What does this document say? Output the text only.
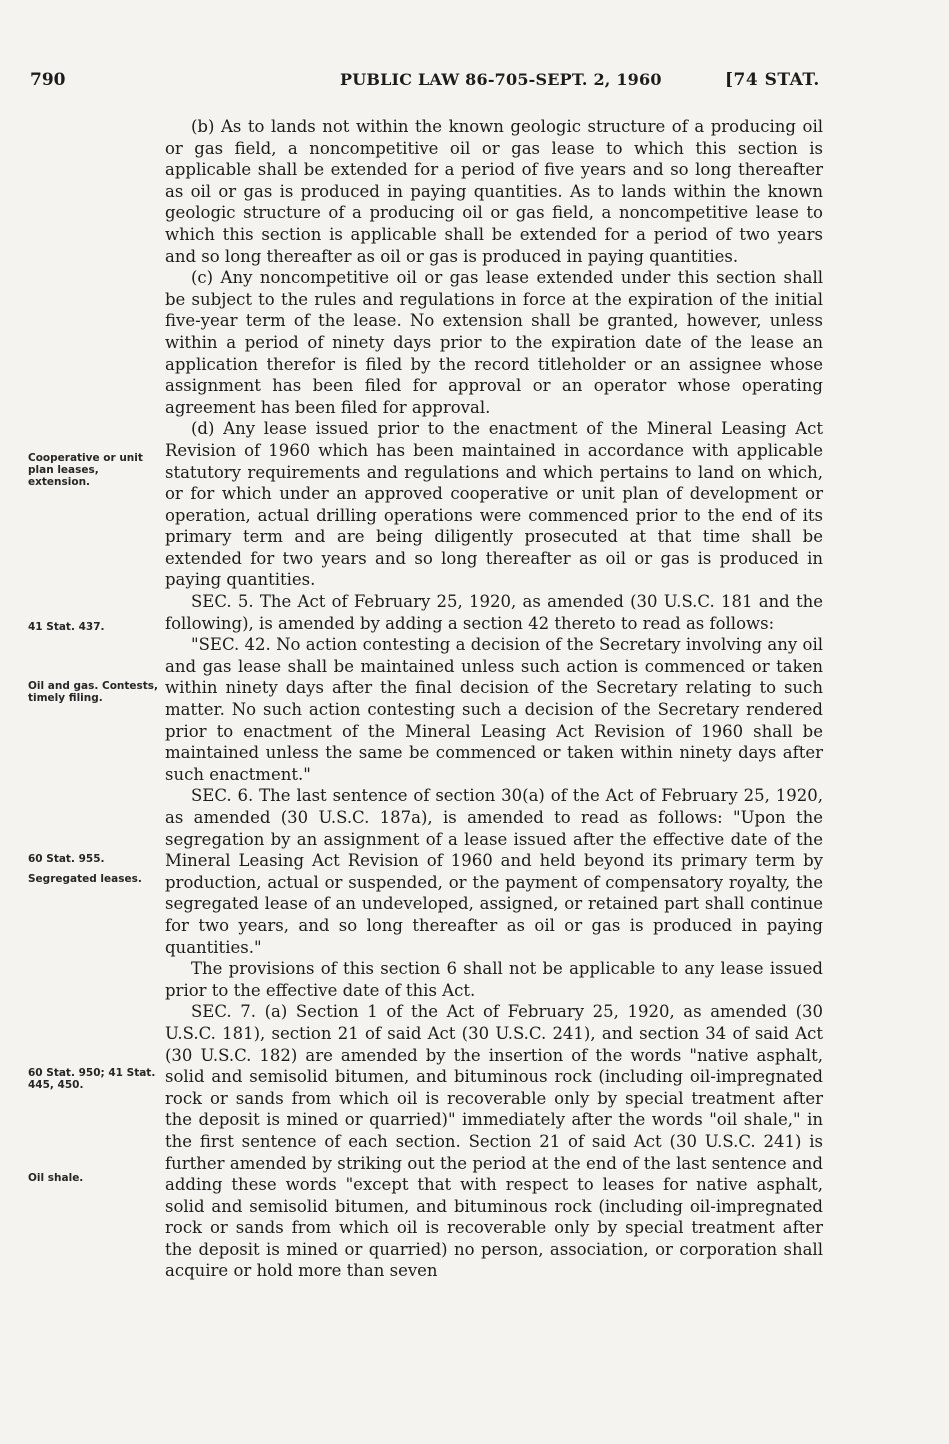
790	PUBLIC LAW 86-705-SEPT. 2, 1960	[74 STAT.
Cooperative or unit plan leases, extension.
41 Stat. 437.
Oil and gas. Contests, timely filing.
60 Stat. 955.
Segregated leases.
60 Stat. 950; 41 Stat. 445, 450.
Oil shale.

(b) As to lands not within the known geologic structure of a producing oil or gas field, a noncompetitive oil or gas lease to which this section is applicable shall be extended for a period of five years and so long thereafter as oil or gas is produced in paying quantities. As to lands within the known geologic structure of a producing oil or gas field, a noncompetitive lease to which this section is applicable shall be extended for a period of two years and so long thereafter as oil or gas is produced in paying quantities.

(c) Any noncompetitive oil or gas lease extended under this section shall be subject to the rules and regulations in force at the expiration of the initial five-year term of the lease. No extension shall be granted, however, unless within a period of ninety days prior to the expiration date of the lease an application therefor is filed by the record titleholder or an assignee whose assignment has been filed for approval or an operator whose operating agreement has been filed for approval.

(d) Any lease issued prior to the enactment of the Mineral Leasing Act Revision of 1960 which has been maintained in accordance with applicable statutory requirements and regulations and which pertains to land on which, or for which under an approved cooperative or unit plan of development or operation, actual drilling operations were commenced prior to the end of its primary term and are being diligently prosecuted at that time shall be extended for two years and so long thereafter as oil or gas is produced in paying quantities.

SEC. 5. The Act of February 25, 1920, as amended (30 U.S.C. 181 and the following), is amended by adding a section 42 thereto to read as follows:

"SEC. 42. No action contesting a decision of the Secretary involving any oil and gas lease shall be maintained unless such action is commenced or taken within ninety days after the final decision of the Secretary relating to such matter. No such action contesting such a decision of the Secretary rendered prior to enactment of the Mineral Leasing Act Revision of 1960 shall be maintained unless the same be commenced or taken within ninety days after such enactment."

SEC. 6. The last sentence of section 30(a) of the Act of February 25, 1920, as amended (30 U.S.C. 187a), is amended to read as follows: "Upon the segregation by an assignment of a lease issued after the effective date of the Mineral Leasing Act Revision of 1960 and held beyond its primary term by production, actual or suspended, or the payment of compensatory royalty, the segregated lease of an undeveloped, assigned, or retained part shall continue for two years, and so long thereafter as oil or gas is produced in paying quantities."

The provisions of this section 6 shall not be applicable to any lease issued prior to the effective date of this Act.

SEC. 7. (a) Section 1 of the Act of February 25, 1920, as amended (30 U.S.C. 181), section 21 of said Act (30 U.S.C. 241), and section 34 of said Act (30 U.S.C. 182) are amended by the insertion of the words "native asphalt, solid and semisolid bitumen, and bituminous rock (including oil-impregnated rock or sands from which oil is recoverable only by special treatment after the deposit is mined or quarried)" immediately after the words "oil shale," in the first sentence of each section. Section 21 of said Act (30 U.S.C. 241) is further amended by striking out the period at the end of the last sentence and adding these words "except that with respect to leases for native asphalt, solid and semisolid bitumen, and bituminous rock (including oil-impregnated rock or sands from which oil is recoverable only by special treatment after the deposit is mined or quarried) no person, association, or corporation shall acquire or hold more than seven
